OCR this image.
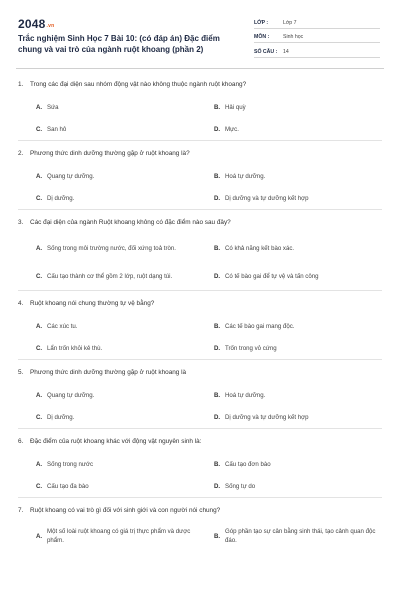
$2048^{.vn}$
Trắc nghiệm Sinh Học 7 Bài 10: (có đáp án) Đặc điểm chung và vai trò của ngành ruột khoang (phần 2)
LỚP :	Lớp 7
MÔN :	Sinh học
SỐ CÂU :	14
1.	Trong các đại diện sau nhóm động vật nào không thuộc ngành ruột khoang?
A. Sứa	B. Hải quỳ
C. San hô	D. Mực.
2.	Phương thức dinh dưỡng thường gặp ở ruột khoang là?
A. Quang tự dưỡng.	B. Hoá tự dưỡng.
C. Dị dưỡng.	D. Dị dưỡng và tự dưỡng kết hợp
3.	Các đại diện của ngành Ruột khoang không có đặc điểm nào sau đây?
A. Sống trong môi trường nước, đối xứng toả tròn.	B. Có khả năng kết bào xác.
C. Cấu tạo thành cơ thể gồm 2 lớp, ruột dạng túi.	D. Có tế bào gai để tự vệ và tấn công
4.	Ruột khoang nói chung thường tự vệ bằng?
A. Các xúc tu.	B. Các tế bào gai mang độc.
C. Lẩn trốn khỏi kẻ thù.	D. Trốn trong vỏ cứng
5.	Phương thức dinh dưỡng thường gặp ở ruột khoang là
A. Quang tự dưỡng.	B. Hoá tự dưỡng.
C. Dị dưỡng.	D. Dị dưỡng và tự dưỡng kết hợp
6.	Đặc điểm của ruột khoang khác với động vật nguyên sinh là:
A. Sống trong nước	B. Cấu tạo đơn bào
C. Cấu tạo đa bào	D. Sống tự do
7.	Ruột khoang có vai trò gì đối với sinh giới và con người nói chung?
A.
Một số loài ruột khoang có giá trị thực phẩm và dược phẩm.
B.
Góp phần tạo sự cân bằng sinh thái, tạo cảnh quan độc đáo.
